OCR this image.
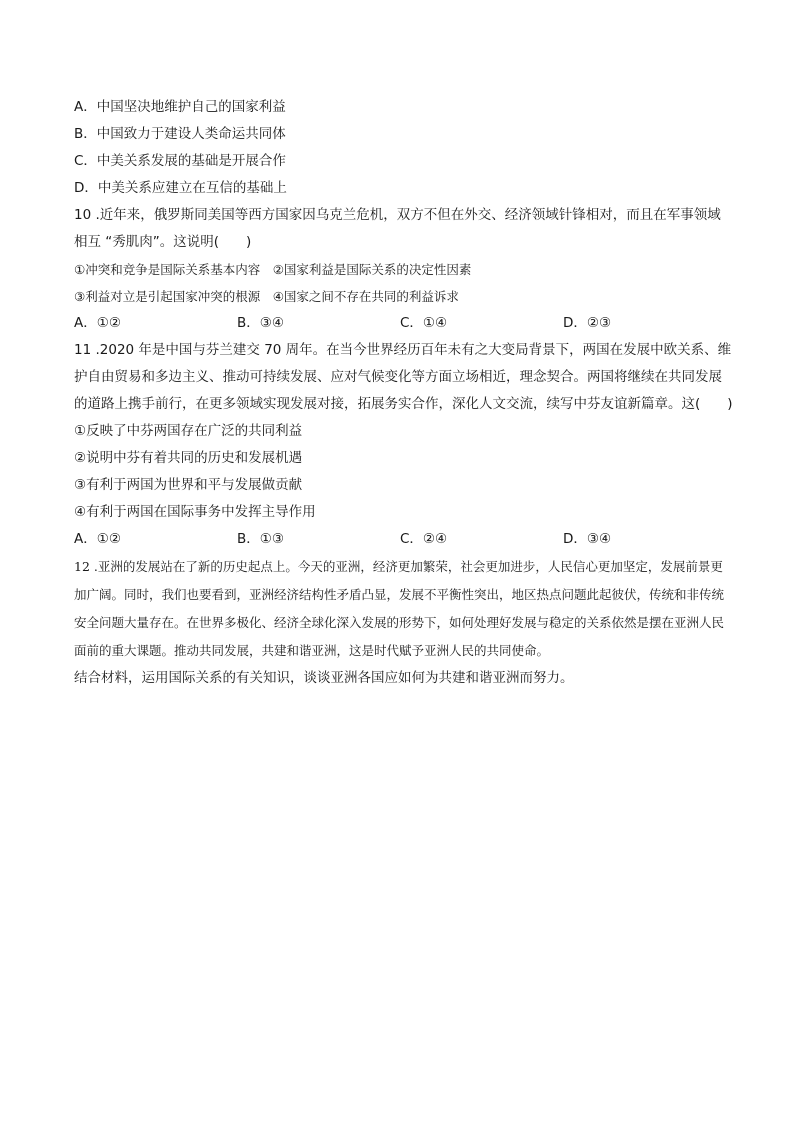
A．中国坚决地维护自己的国家利益
B．中国致力于建设人类命运共同体
C．中美关系发展的基础是开展合作
D．中美关系应建立在互信的基础上
10 .近年来，俄罗斯同美国等西方国家因乌克兰危机，双方不但在外交、经济领域针锋相对，而且在军事领域相互 “秀肌肉”。这说明(　　)
①冲突和竞争是国际关系基本内容　②国家利益是国际关系的决定性因素
③利益对立是引起国家冲突的根源　④国家之间不存在共同的利益诉求
A．①②	B．③④	C．①④	D．②③
11 .2020 年是中国与芬兰建交 70 周年。在当今世界经历百年未有之大变局背景下，两国在发展中欧关系、维护自由贸易和多边主义、推动可持续发展、应对气候变化等方面立场相近，理念契合。两国将继续在共同发展的道路上携手前行，在更多领域实现发展对接，拓展务实合作，深化人文交流，续写中芬友谊新篇章。这(　　)
①反映了中芬两国存在广泛的共同利益
②说明中芬有着共同的历史和发展机遇
③有利于两国为世界和平与发展做贡献
④有利于两国在国际事务中发挥主导作用
A．①②	B．①③	C．②④	D．③④
12 .亚洲的发展站在了新的历史起点上。今天的亚洲，经济更加繁荣，社会更加进步，人民信心更加坚定，发展前景更加广阔。同时，我们也要看到，亚洲经济结构性矛盾凸显，发展不平衡性突出，地区热点问题此起彼伏，传统和非传统安全问题大量存在。在世界多极化、经济全球化深入发展的形势下，如何处理好发展与稳定的关系依然是摆在亚洲人民面前的重大课题。推动共同发展，共建和谐亚洲，这是时代赋予亚洲人民的共同使命。
结合材料，运用国际关系的有关知识，谈谈亚洲各国应如何为共建和谐亚洲而努力。
